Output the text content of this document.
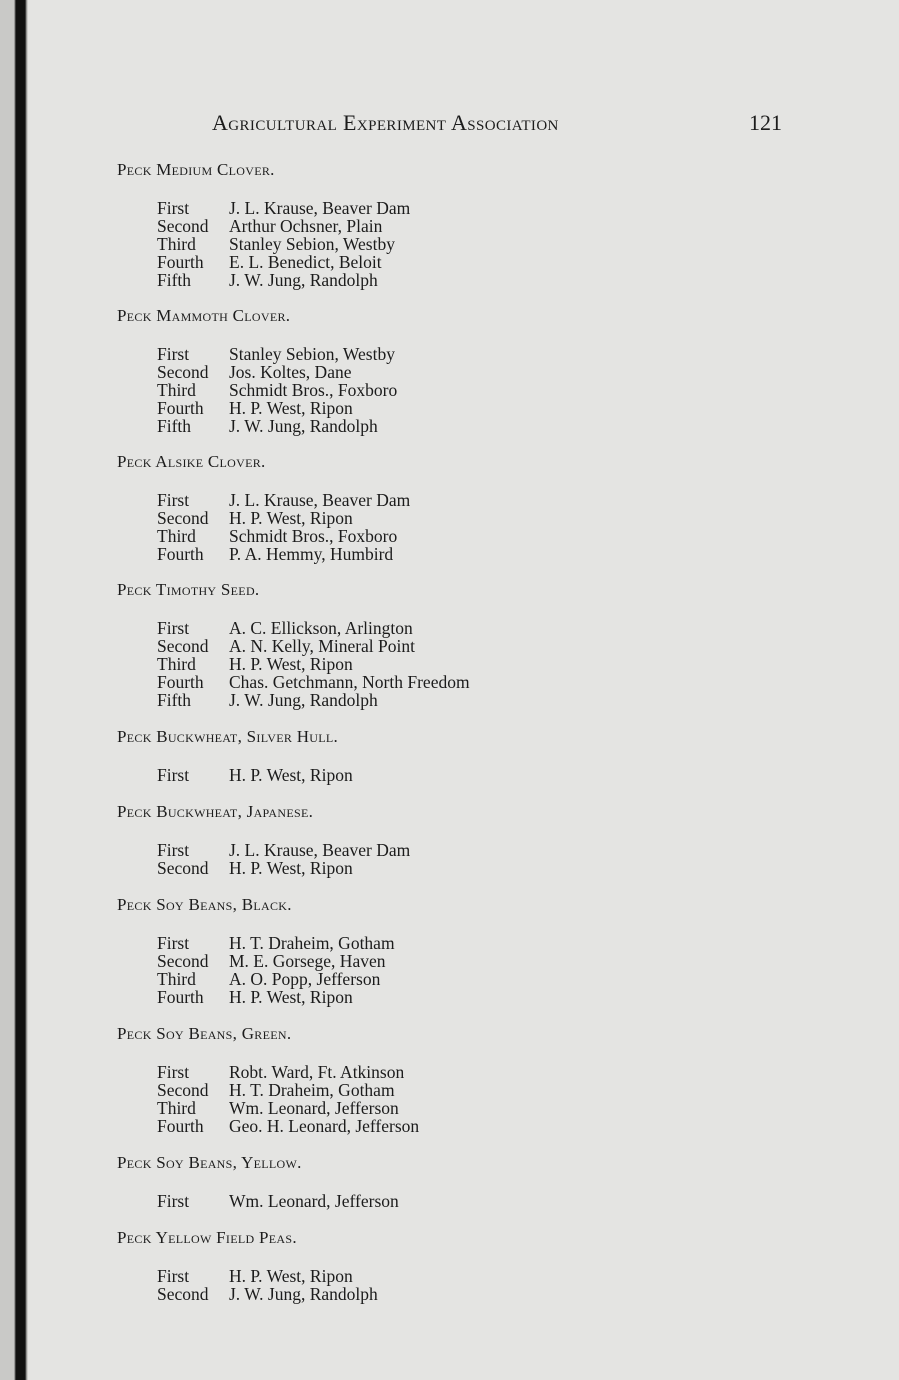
Agricultural Experiment Association	121
Peck Medium Clover.
First J. L. Krause, Beaver Dam
Second Arthur Ochsner, Plain
Third Stanley Sebion, Westby
Fourth E. L. Benedict, Beloit
Fifth J. W. Jung, Randolph
Peck Mammoth Clover.
First Stanley Sebion, Westby
Second Jos. Koltes, Dane
Third Schmidt Bros., Foxboro
Fourth H. P. West, Ripon
Fifth J. W. Jung, Randolph
Peck Alsike Clover.
First J. L. Krause, Beaver Dam
Second H. P. West, Ripon
Third Schmidt Bros., Foxboro
Fourth P. A. Hemmy, Humbird
Peck Timothy Seed.
First A. C. Ellickson, Arlington
Second A. N. Kelly, Mineral Point
Third H. P. West, Ripon
Fourth Chas. Getchmann, North Freedom
Fifth J. W. Jung, Randolph
Peck Buckwheat, Silver Hull.
First H. P. West, Ripon
Peck Buckwheat, Japanese.
First J. L. Krause, Beaver Dam
Second H. P. West, Ripon
Peck Soy Beans, Black.
First H. T. Draheim, Gotham
Second M. E. Gorsege, Haven
Third A. O. Popp, Jefferson
Fourth H. P. West, Ripon
Peck Soy Beans, Green.
First Robt. Ward, Ft. Atkinson
Second H. T. Draheim, Gotham
Third Wm. Leonard, Jefferson
Fourth Geo. H. Leonard, Jefferson
Peck Soy Beans, Yellow.
First Wm. Leonard, Jefferson
Peck Yellow Field Peas.
First H. P. West, Ripon
Second J. W. Jung, Randolph
